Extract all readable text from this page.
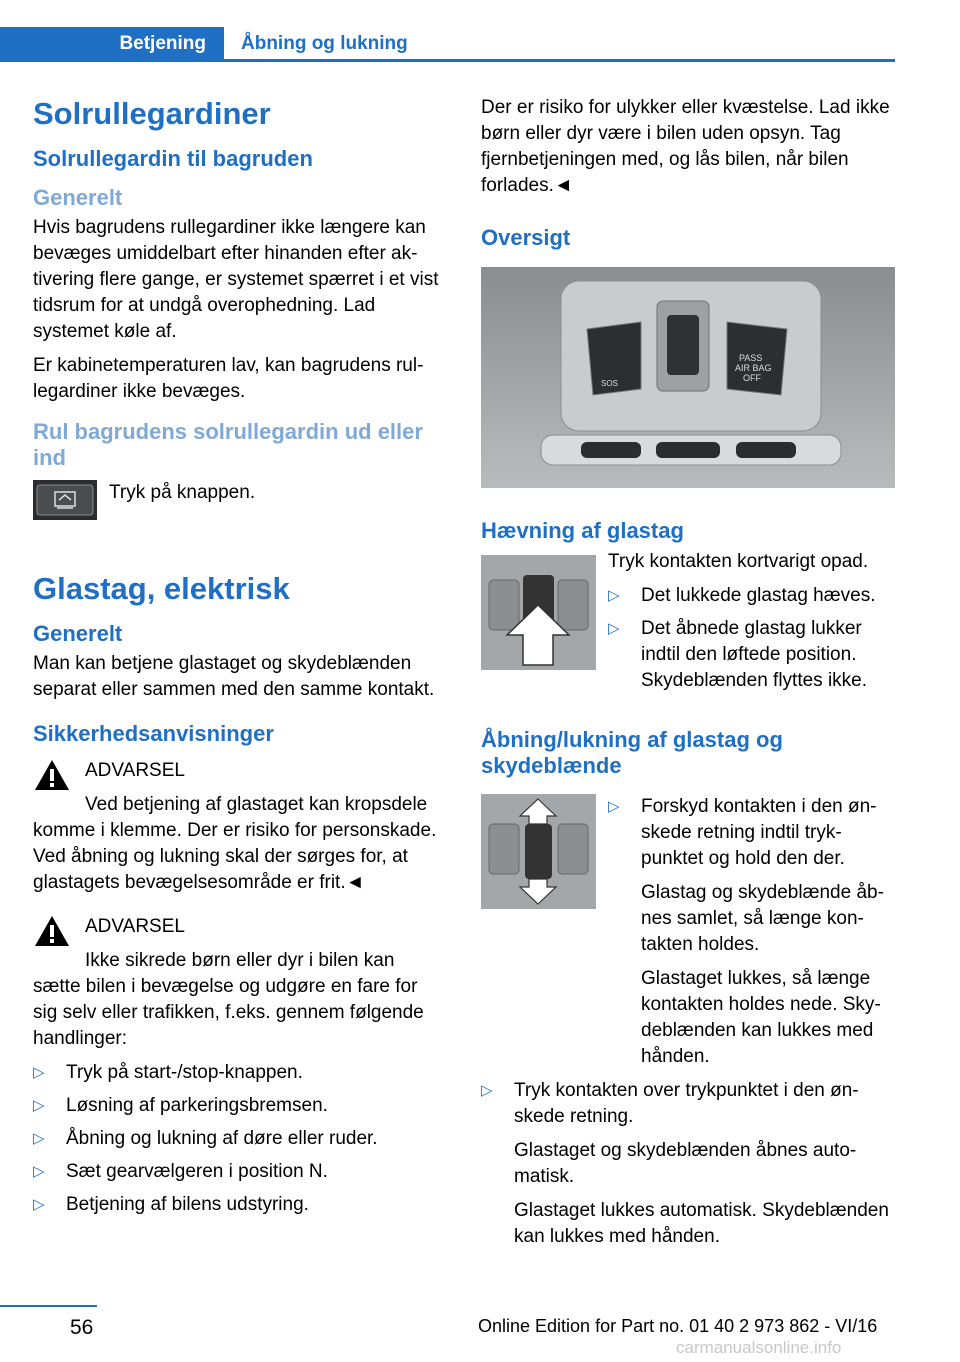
Betjening	Åbning og lukning
Solrullegardiner
Solrullegardin til bagruden
Generelt

Hvis bagrudens rullegardiner ikke længere kan bevæges umiddelbart efter hinanden efter aktivering flere gange, er systemet spærret i et vist tidsrum for at undgå overophedning. Lad systemet køle af.

Er kabinetemperaturen lav, kan bagrudens rullegardiner ikke bevæges.

Rul bagrudens solrullegardin ud eller ind

Tryk på knappen.

Glastag, elektrisk
Generelt

Man kan betjene glastaget og skydeblænden separat eller sammen med den samme kontakt.

Sikkerhedsanvisninger

ADVARSEL

Ved betjening af glastaget kan kropsdele komme i klemme. Der er risiko for personskade. Ved åbning og lukning skal der sørges for, at glastagets bevægelsesområde er frit.◄

ADVARSEL

Ikke sikrede børn eller dyr i bilen kan sætte bilen i bevægelse og udgøre en fare for sig selv eller trafikken, f.eks. gennem følgende handlinger:

▷ Tryk på start-/stop-knappen.
▷ Løsning af parkeringsbremsen.
▷ Åbning og lukning af døre eller ruder.
▷ Sæt gearvælgeren i position N.
▷ Betjening af bilens udstyring.

Der er risiko for ulykker eller kvæstelse. Lad ikke børn eller dyr være i bilen uden opsyn. Tag fjernbetjeningen med, og lås bilen, når bilen forlades.◄

Oversigt
SOS
PASS
AIR BAG
OFF
Hævning af glastag

Tryk kontakten kortvarigt opad.

▷ Det lukkede glastag hæves.
▷ Det åbnede glastag lukker indtil den løftede position. Skydeblænden flyttes ikke.
Åbning/lukning af glastag og skydeblænde
▷ Forskyd kontakten i den ønskede retning indtil trykpunktet og hold den der.

Glastag og skydeblænde åbnes samlet, så længe kontakten holdes.

Glastaget lukkes, så længe kontakten holdes nede. Skydeblænden kan lukkes med hånden.

▷ Tryk kontakten over trykpunktet i den ønskede retning.

Glastaget og skydeblænden åbnes automatisk.

Glastaget lukkes automatisk. Skydeblænden kan lukkes med hånden.

56	Online Edition for Part no. 01 40 2 973 862 - VI/16
carmanualsonline.info
